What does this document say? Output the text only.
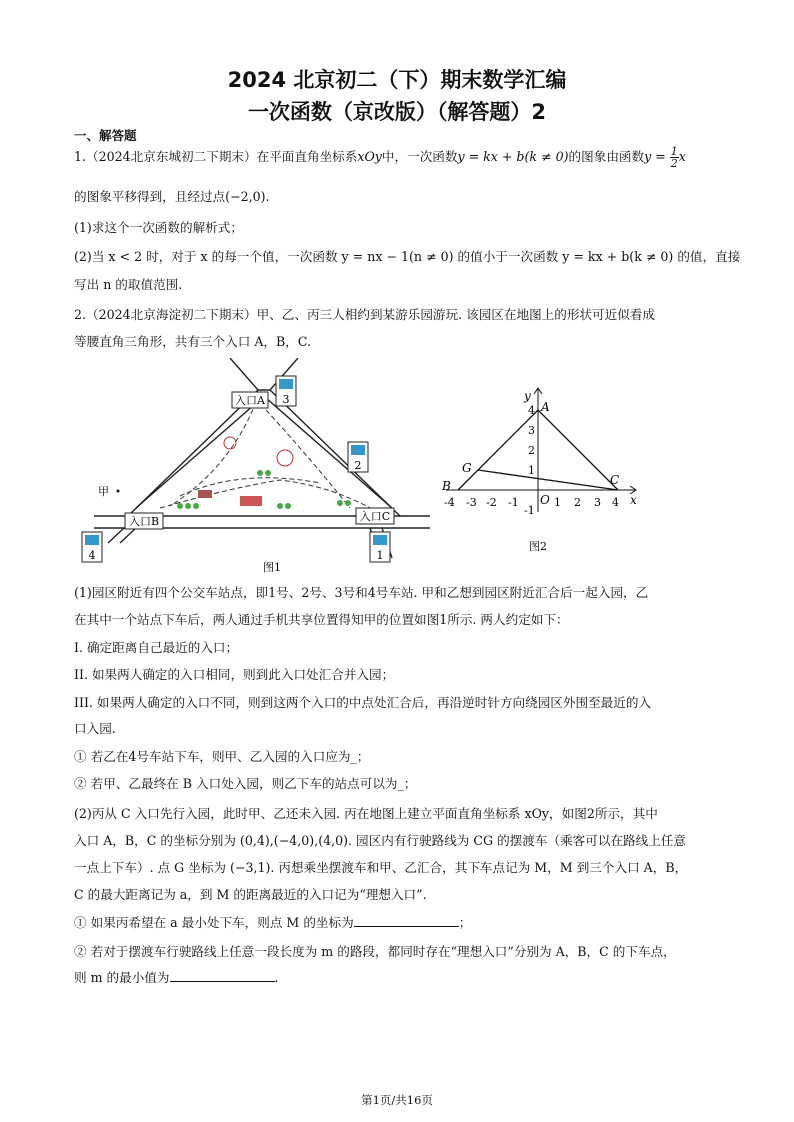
2024 北京初二（下）期末数学汇编
一次函数（京改版）（解答题）2
一、解答题
1.（2024北京东城初二下期末）在平面直角坐标系xOy中，一次函数y = kx + b(k ≠ 0)的图象由函数$y = \frac{1}{2}$ x
的图象平移得到，且经过点(−2,0).
(1)求这个一次函数的解析式；
(2)当 x < 2 时，对于 x 的每一个值，一次函数 y = nx − 1(n ≠ 0) 的值小于一次函数 y = kx + b(k ≠ 0) 的值，直接
写出 n 的取值范围.
2.（2024北京海淀初二下期末）甲、乙、丙三人相约到某游乐园游玩. 该园区在地图上的形状可近似看成
等腰直角三角形，共有三个入口 A，B，C.
入口A
入口B	入口C
3
2
4	1
甲
图1
A
B	C
G
y
x
O
4
3
2
1
-1
-4 -3 -2 -1	1 2 3 4
图2
(1)园区附近有四个公交车站点，即1号、2号、3号和4号车站. 甲和乙想到园区附近汇合后一起入园，乙
在其中一个站点下车后，两人通过手机共享位置得知甲的位置如图1所示. 两人约定如下：
I. 确定距离自己最近的入口；
II. 如果两人确定的入口相同，则到此入口处汇合并入园；
III. 如果两人确定的入口不同，则到这两个入口的中点处汇合后，再沿逆时针方向绕园区外围至最近的入
口入园.
① 若乙在4号车站下车，则甲、乙入园的入口应为_；
② 若甲、乙最终在 B 入口处入园，则乙下车的站点可以为_；
(2)丙从 C 入口先行入园，此时甲、乙还未入园. 丙在地图上建立平面直角坐标系 xOy，如图2所示，其中
入口 A，B，C 的坐标分别为 (0,4),(−4,0),(4,0). 园区内有行驶路线为 CG 的摆渡车（乘客可以在路线上任意
一点上下车）. 点 G 坐标为 (−3,1). 丙想乘坐摆渡车和甲、乙汇合，其下车点记为 M，M 到三个入口 A，B，
C 的最大距离记为 a，到 M 的距离最近的入口记为“理想入口”.
① 如果丙希望在 a 最小处下车，则点 M 的坐标为	；
② 若对于摆渡车行驶路线上任意一段长度为 m 的路段，都同时存在“理想入口”分别为 A，B，C 的下车点，
则 m 的最小值为	.
第1页/共16页
